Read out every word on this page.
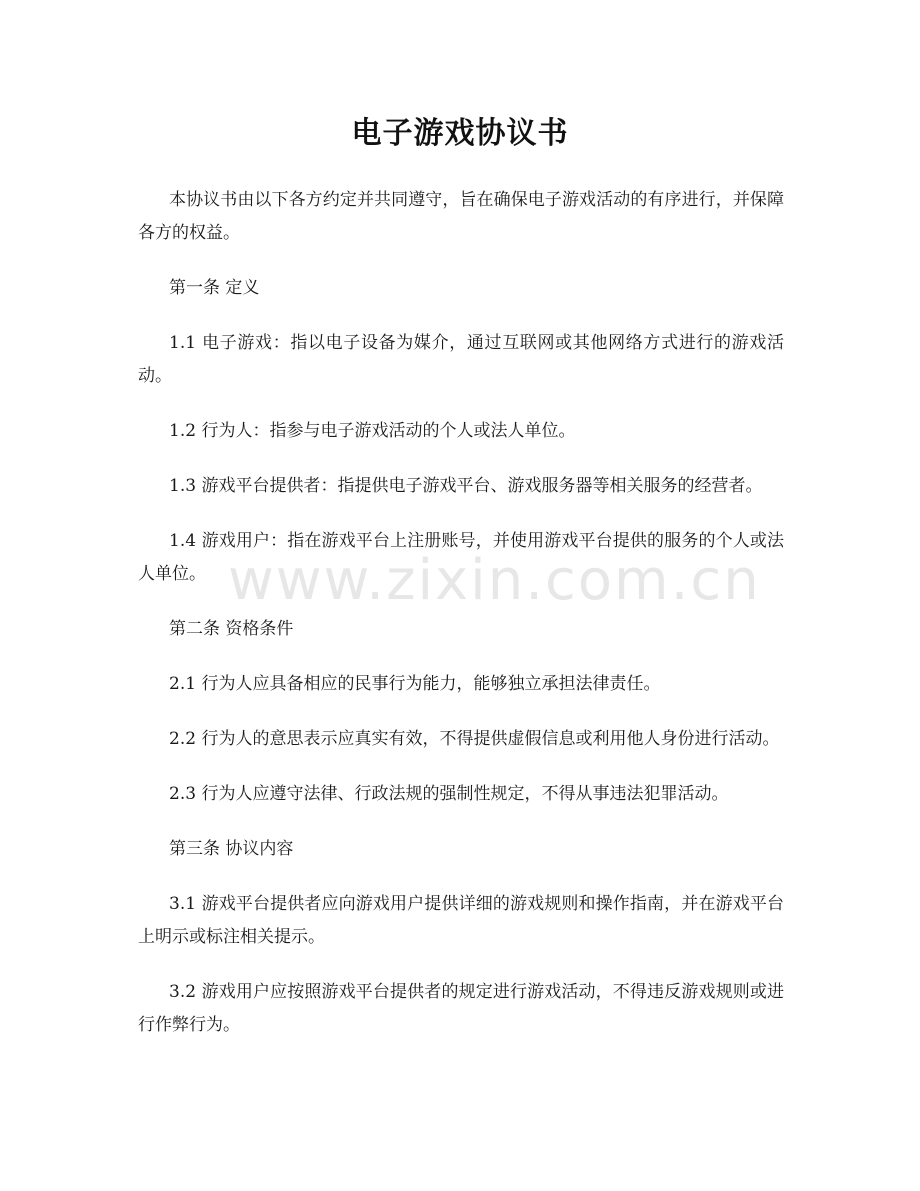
电子游戏协议书

本协议书由以下各方约定并共同遵守，旨在确保电子游戏活动的有序进行，并保障各方的权益。

第一条 定义

1.1 电子游戏：指以电子设备为媒介，通过互联网或其他网络方式进行的游戏活动。

1.2 行为人：指参与电子游戏活动的个人或法人单位。

1.3 游戏平台提供者：指提供电子游戏平台、游戏服务器等相关服务的经营者。

1.4 游戏用户：指在游戏平台上注册账号，并使用游戏平台提供的服务的个人或法人单位。

第二条 资格条件

2.1 行为人应具备相应的民事行为能力，能够独立承担法律责任。

2.2 行为人的意思表示应真实有效，不得提供虚假信息或利用他人身份进行活动。

2.3 行为人应遵守法律、行政法规的强制性规定，不得从事违法犯罪活动。

第三条 协议内容

3.1 游戏平台提供者应向游戏用户提供详细的游戏规则和操作指南，并在游戏平台上明示或标注相关提示。

3.2 游戏用户应按照游戏平台提供者的规定进行游戏活动，不得违反游戏规则或进行作弊行为。

www.zixin.com.cn
